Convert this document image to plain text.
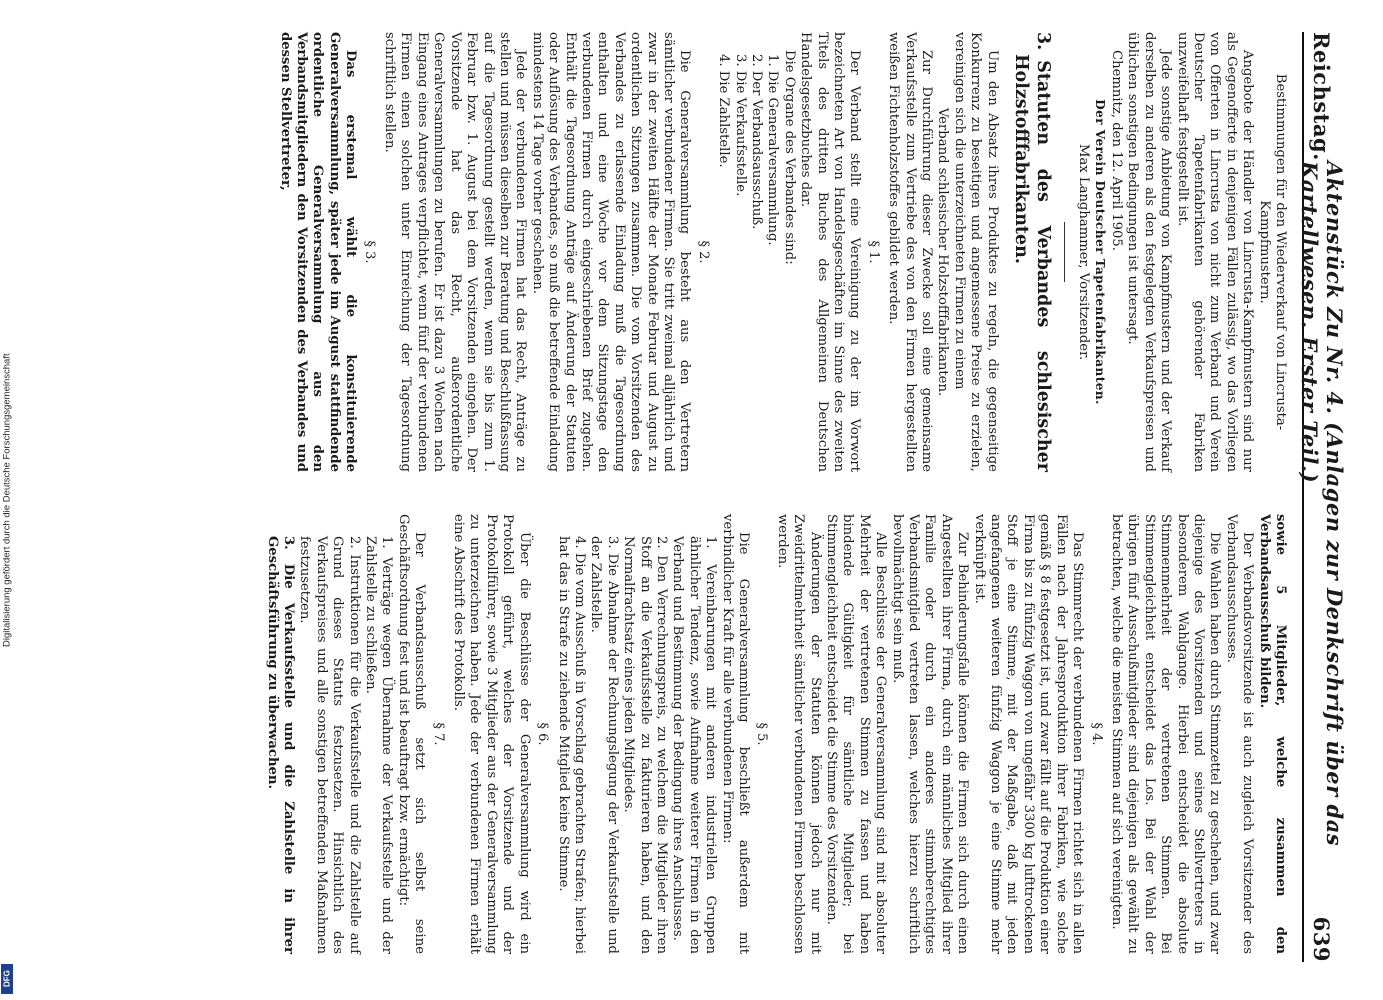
Digitalisierung gefördert durch die Deutsche Forschungsgemeinschaft
DFG
Reichstag.
Aktenstück Zu Nr. 4. (Anlagen zur Denkschrift über das Kartellwesen. Erster Teil.)
639

Bestimmungen für den Wiederverkauf von Lincrusta-Kampfmustern.

Angebote der Händler von Lincrusta-Kampfmustern sind nur als Gegenofferte in denjenigen Fällen zulässig, wo das Vorliegen von Offerten in Lincrusta von nicht zum Verband und Verein Deutscher Tapetenfabrikanten gehörender Fabriken unzweifelhaft festgestellt ist.

Jede sonstige Anbietung von Kampfmustern und der Verkauf derselben zu anderen als den festgelegten Verkaufspreisen und üblichen sonstigen Bedingungen ist untersagt.

Chemnitz, den 12. April 1905.

Der Verein Deutscher Tapetenfabrikanten.
Max Langhammer, Vorsitzender.
3.Statuten des Verbandes schlesischer Holzstofffabrikanten.

Um den Absatz ihres Produktes zu regeln, die gegenseitige Konkurrenz zu beseitigen und angemessene Preise zu erzielen, vereinigen sich die unterzeichneten Firmen zu einem

Verband schlesischer Holzstofffabrikanten.

Zur Durchführung dieser Zwecke soll eine gemeinsame Verkaufsstelle zum Vertriebe des von den Firmen hergestellten weißen Fichtenholzstoffes gebildet werden.

§ 1.

Der Verband stellt eine Vereinigung zu der im Vorwort bezeichneten Art von Handelsgeschäften im Sinne des zweiten Titels des dritten Buches des Allgemeinen Deutschen Handelsgesetzbuches dar.

Die Organe des Verbandes sind:

1. Die Generalversammlung.
2. Der Verbandsausschuß.
3. Die Verkaufsstelle.
4. Die Zahlstelle.
§ 2.

Die Generalversammlung besteht aus den Vertretern sämtlicher verbundener Firmen. Sie tritt zweimal alljährlich und zwar in der zweiten Hälfte der Monate Februar und August zu ordentlichen Sitzungen zusammen. Die vom Vorsitzenden des Verbandes zu erlassende Einladung muß die Tagesordnung enthalten und eine Woche vor dem Sitzungstage den verbundenen Firmen durch eingeschriebenen Brief zugehen. Enthält die Tagesordnung Anträge auf Änderung der Statuten oder Auflösung des Verbandes, so muß die betreffende Einladung mindestens 14 Tage vorher geschehen.

Jede der verbundenen Firmen hat das Recht, Anträge zu stellen und müssen dieselben zur Beratung und Beschlußfassung auf die Tagesordnung gestellt werden, wenn sie bis zum 1. Februar bzw. 1. August bei dem Vorsitzenden eingehen. Der Vorsitzende hat das Recht, außerordentliche Generalversammlungen zu berufen. Er ist dazu 3 Wochen nach Eingang eines Antrages verpflichtet, wenn fünf der verbundenen Firmen einen solchen unter Einreichung der Tagesordnung schriftlich stellen.

§ 3.

Das erstemal wählt die konstituierende Generalversammlung, später jede im August stattfindende ordentliche Generalversammlung aus den Verbandsmitgliedern den Vorsitzenden des Verbandes und dessen Stellvertreter,

sowie 5 Mitglieder, welche zusammen den Verbandsausschuß bilden.

Der Verbandsvorsitzende ist auch zugleich Vorsitzender des Verbandsausschusses.

Die Wahlen haben durch Stimmzettel zu geschehen, und zwar diejenige des Vorsitzenden und seines Stellvertreters in besonderem Wahlgange. Hierbei entscheidet die absolute Stimmenmehrheit der vertretenen Stimmen. Bei Stimmengleichheit entscheidet das Los. Bei der Wahl der übrigen fünf Ausschußmitglieder sind diejenigen als gewählt zu betrachten, welche die meisten Stimmen auf sich vereinigten.

§ 4.

Das Stimmrecht der verbundenen Firmen richtet sich in allen Fällen nach der Jahresproduktion ihrer Fabriken, wie solche gemäß § 8 festgesetzt ist, und zwar fällt auf die Produktion einer Firma bis zu fünfzig Waggon von ungefähr 3300 kg lufttrockenen Stoff je eine Stimme, mit der Maßgabe, daß mit jeden angefangenen weiteren fünfzig Waggon je eine Stimme mehr verknüpft ist.

Zur Behinderungsfalle können die Firmen sich durch einen Angestellten ihrer Firma, durch ein männliches Mitglied ihrer Familie oder durch ein anderes stimmberechtigtes Verbandsmitglied vertreten lassen, welches hierzu schriftlich bevollmächtigt sein muß.

Alle Beschlüsse der Generalversammlung sind mit absoluter Mehrheit der vertretenen Stimmen zu fassen und haben bindende Gültigkeit für sämtliche Mitglieder; bei Stimmengleichheit entscheidet die Stimme des Vorsitzenden.

Änderungen der Statuten können jedoch nur mit Zweidrittelmehrheit sämtlicher verbundenen Firmen beschlossen werden.

§ 5.

Die Generalversammlung beschließt außerdem mit verbindlicher Kraft für alle verbundenen Firmen:

1. Vereinbarungen mit anderen industriellen Gruppen ähnlicher Tendenz, sowie Aufnahme weiterer Firmen in den Verband und Bestimmung der Bedingung ihres Anschlusses.
2. Den Verrechnungspreis, zu welchem die Mitglieder ihren Stoff an die Verkaufsstelle zu fakturieren haben, und den Normalfrachtsatz eines jeden Mitgliedes.
3. Die Abnahme der Rechnungslegung der Verkaufsstelle und der Zahlstelle.
4. Die vom Ausschuß in Vorschlag gebrachten Strafen; hierbei hat das in Strafe zu ziehende Mitglied keine Stimme.
§ 6.

Über die Beschlüsse der Generalversammlung wird ein Protokoll geführt, welches der Vorsitzende und der Protokollführer, sowie 3 Mitglieder aus der Generalversammlung zu unterzeichnen haben. Jede der verbundenen Firmen erhält eine Abschrift des Protokolls.

§ 7.

Der Verbandsausschuß setzt sich selbst seine Geschäftsordnung fest und ist beauftragt bzw. ermächtigt:

1. Verträge wegen Übernahme der Verkaufsstelle und der Zahlstelle zu schließen.
2. Instruktionen für die Verkaufsstelle und die Zahlstelle auf Grund dieses Statuts festzusetzen. Hinsichtlich des Verkaufspreises und alle sonstigen betreffenden Maßnahmen festzusetzen.
3. Die Verkaufsstelle und die Zahlstelle in ihrer Geschäftsführung zu überwachen.
